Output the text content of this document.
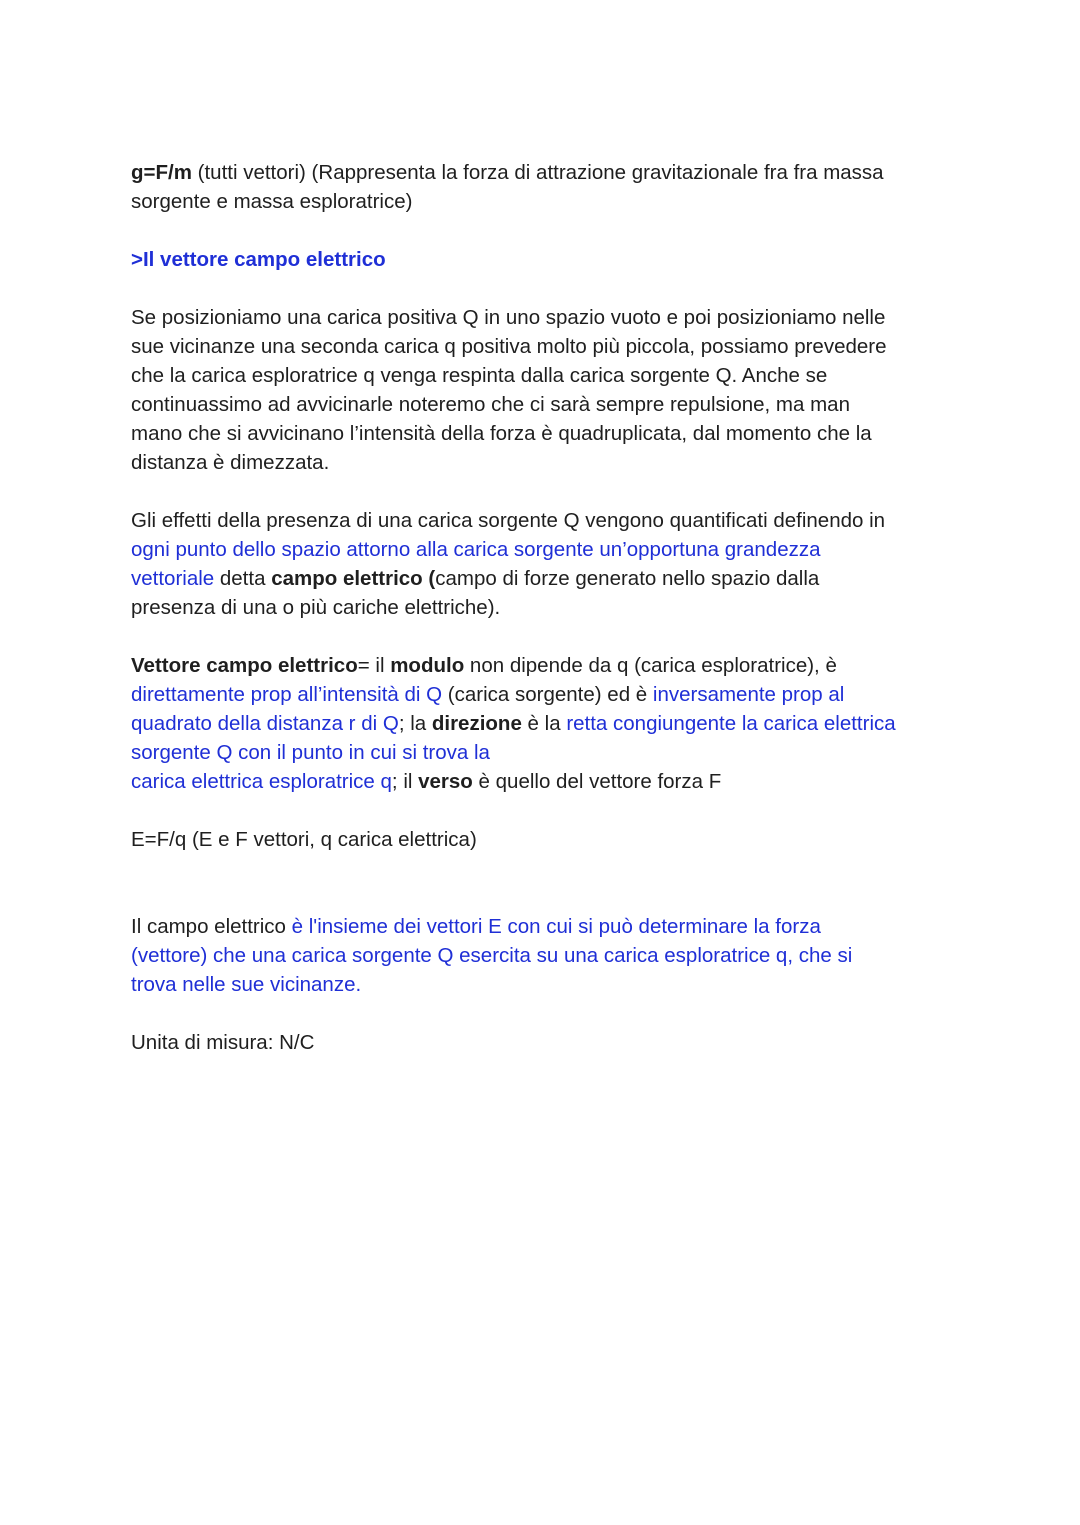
g=F/m (tutti vettori) (Rappresenta la forza di attrazione gravitazionale fra fra massa
sorgente e massa esploratrice)

>Il vettore campo elettrico

Se posizioniamo una carica positiva Q in uno spazio vuoto e poi posizioniamo nelle
sue vicinanze una seconda carica q positiva molto più piccola, possiamo prevedere
che la carica esploratrice q venga respinta dalla carica sorgente Q. Anche se
continuassimo ad avvicinarle noteremo che ci sarà sempre repulsione, ma man
mano che si avvicinano l’intensità della forza è quadruplicata, dal momento che la
distanza è dimezzata.

Gli effetti della presenza di una carica sorgente Q vengono quantificati definendo in
ogni punto dello spazio attorno alla carica sorgente un’opportuna grandezza
vettoriale detta campo elettrico (campo di forze generato nello spazio dalla
presenza di una o più cariche elettriche).

Vettore campo elettrico= il modulo non dipende da q (carica esploratrice), è
direttamente prop all’intensità di Q (carica sorgente) ed è inversamente prop al
quadrato della distanza r di Q; la direzione è la retta congiungente la carica elettrica
sorgente Q con il punto in cui si trova la
carica elettrica esploratrice q; il verso è quello del vettore forza F

E=F/q (E e F vettori, q carica elettrica)

Il campo elettrico è l'insieme dei vettori E con cui si può determinare la forza
(vettore) che una carica sorgente Q esercita su una carica esploratrice q, che si
trova nelle sue vicinanze.

Unita di misura: N/C
